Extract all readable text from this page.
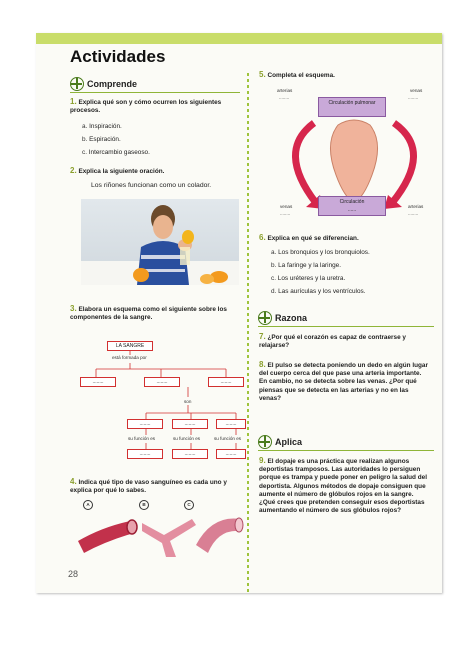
Actividades
Comprende
1. Explica qué son y cómo ocurren los siguientes procesos.
a. Inspiración.
b. Espiración.
c. Intercambio gaseoso.
2. Explica la siguiente oración.
Los riñones funcionan como un colador.
3. Elabora un esquema como el siguiente sobre los componentes de la sangre.
LA SANGRE
está formada por
........	........	........
son
........	........	........
su función es	su función es	su función es
........	........	........
4. Indica qué tipo de vaso sanguíneo es cada uno y explica por qué lo sabes.
A	B	C
28
5. Completa el esquema.
arterias
........
venas
........
Circulación pulmonar
Circulación
......
venas
........
arterias
........
6. Explica en qué se diferencian.
a. Los bronquios y los bronquiolos.
b. La faringe y la laringe.
c. Los uréteres y la uretra.
d. Las aurículas y los ventrículos.
Razona
7. ¿Por qué el corazón es capaz de contraerse y relajarse?
8. El pulso se detecta poniendo un dedo en algún lugar del cuerpo cerca del que pase una arteria importante. En cambio, no se detecta sobre las venas. ¿Por qué piensas que se detecta en las arterias y no en las venas?
Aplica
9. El dopaje es una práctica que realizan algunos deportistas tramposos. Las autoridades lo persiguen porque es trampa y puede poner en peligro la salud del deportista. Algunos métodos de dopaje consiguen que aumente el número de glóbulos rojos en la sangre. ¿Qué crees que pretenden conseguir esos deportistas aumentando el número de sus glóbulos rojos?
